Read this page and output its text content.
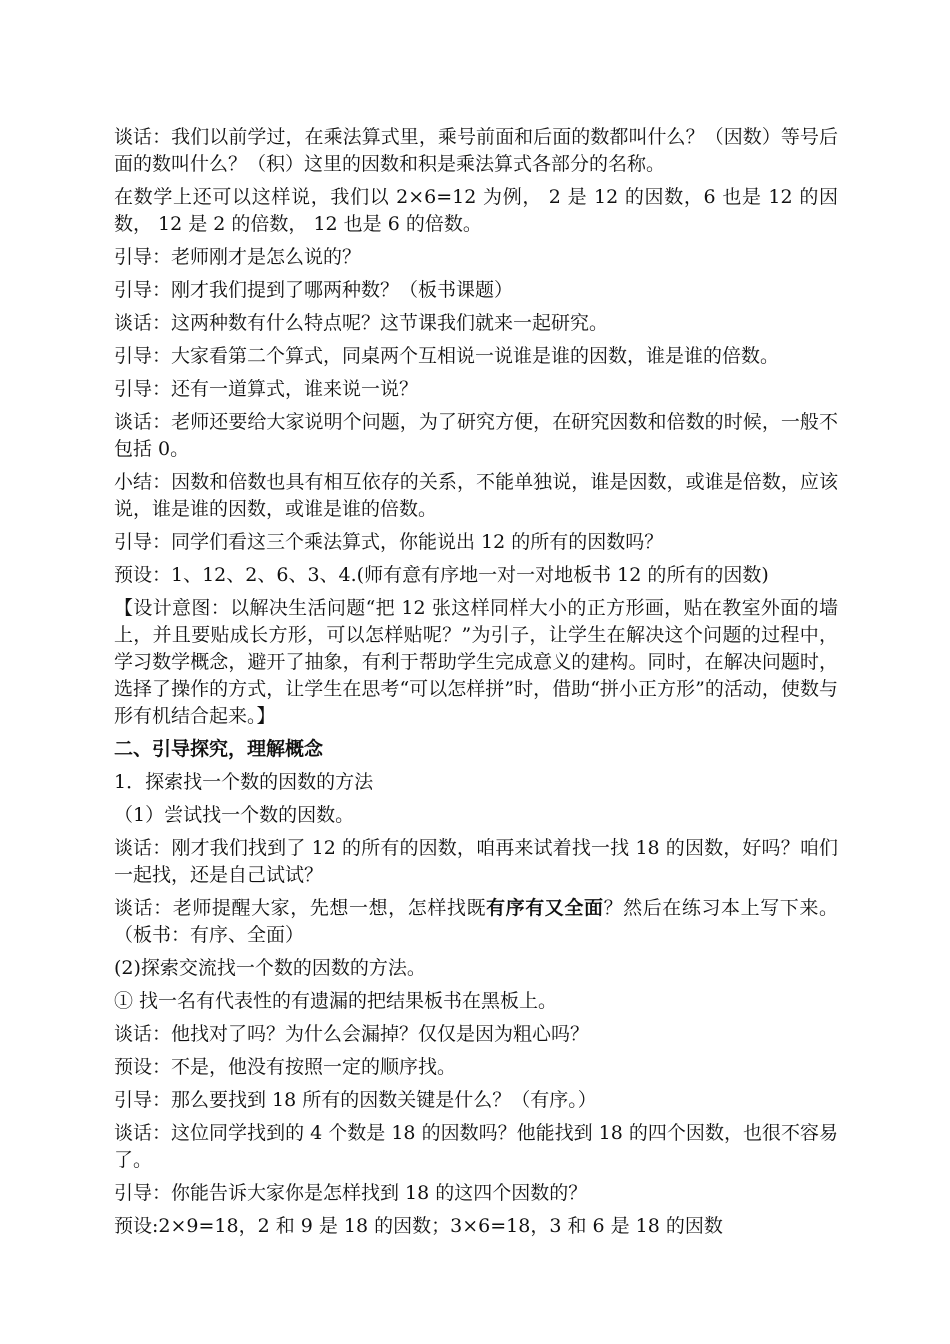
谈话：我们以前学过，在乘法算式里，乘号前面和后面的数都叫什么？（因数）等号后面的数叫什么？（积）这里的因数和积是乘法算式各部分的名称。

在数学上还可以这样说，我们以 2×6=12 为例， 2 是 12 的因数，6 也是 12 的因数， 12 是 2 的倍数， 12 也是 6 的倍数。

引导：老师刚才是怎么说的？

引导：刚才我们提到了哪两种数？（板书课题）

谈话：这两种数有什么特点呢？这节课我们就来一起研究。

引导：大家看第二个算式，同桌两个互相说一说谁是谁的因数，谁是谁的倍数。

引导：还有一道算式，谁来说一说？

谈话：老师还要给大家说明个问题，为了研究方便，在研究因数和倍数的时候，一般不包括 0。

小结：因数和倍数也具有相互依存的关系，不能单独说，谁是因数，或谁是倍数，应该说，谁是谁的因数，或谁是谁的倍数。

引导：同学们看这三个乘法算式，你能说出 12 的所有的因数吗？

预设：1、12、2、6、3、4.(师有意有序地一对一对地板书 12 的所有的因数)

【设计意图：以解决生活问题“把 12 张这样同样大小的正方形画，贴在教室外面的墙上，并且要贴成长方形，可以怎样贴呢？”为引子，让学生在解决这个问题的过程中，学习数学概念，避开了抽象，有利于帮助学生完成意义的建构。同时，在解决问题时，选择了操作的方式，让学生在思考“可以怎样拼”时，借助“拼小正方形”的活动，使数与形有机结合起来。】

二、引导探究，理解概念

1．探索找一个数的因数的方法

（1）尝试找一个数的因数。

谈话：刚才我们找到了 12 的所有的因数，咱再来试着找一找 18 的因数，好吗？咱们一起找，还是自己试试？

谈话：老师提醒大家，先想一想，怎样找既有序有又全面？然后在练习本上写下来。（板书：有序、全面）

(2)探索交流找一个数的因数的方法。

① 找一名有代表性的有遗漏的把结果板书在黑板上。

谈话：他找对了吗？为什么会漏掉？仅仅是因为粗心吗？

预设：不是，他没有按照一定的顺序找。

引导：那么要找到 18 所有的因数关键是什么？（有序。）

谈话：这位同学找到的 4 个数是 18 的因数吗？他能找到 18 的四个因数，也很不容易了。

引导：你能告诉大家你是怎样找到 18 的这四个因数的？

预设:2×9=18，2 和 9 是 18 的因数；3×6=18，3 和 6 是 18 的因数
